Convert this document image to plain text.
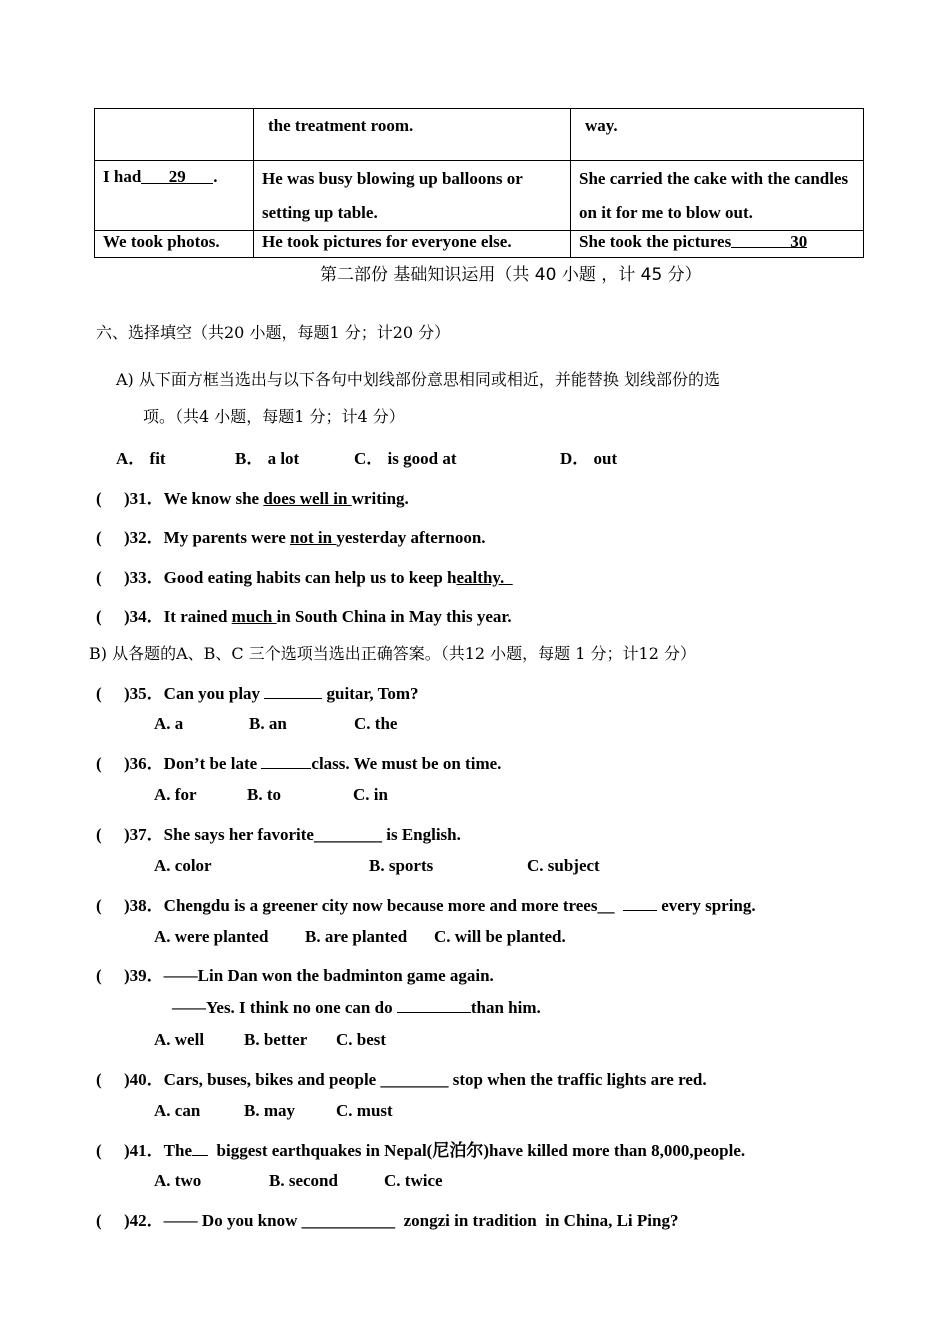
	the treatment room.	way.
I had 29 .	He was busy blowing up balloons or setting up table.	She carried the cake with the candles on it for me to blow out.
We took photos.	He took pictures for everyone else.	She took the pictures 30
第二部份 基础知识运用（共 40 小题 ，计 45 分）
六、选择填空（共20 小题，每题1 分；计20 分）
A) 从下面方框当选出与以下各句中划线部份意思相同或相近，并能替换 划线部份的选
项。（共4 小题，每题1 分；计4 分）
A． fit	B． a lot	C． is good at	D． out
( )31．We know she does well in writing.
( )32．My parents were not in yesterday afternoon.
( )33．Good eating habits can help us to keep healthy.
( )34．It rained much in South China in May this year.
B) 从各题的A、B、C 三个选项当选出正确答案。（共12 小题，每题 1 分；计12 分）
( )35．Can you play	guitar, Tom?
A. a	B. an	C. the
( )36．Don’t be late	class. We must be on time.
A. for	B. to	C. in
( )37．She says her favorite________ is English.
A. color	B. sports	C. subject
( )38．Chengdu is a greener city now because more and more trees__   every spring.
A. were planted B. are planted C. will be planted.
( )39．——Lin Dan won the badminton game again.
——Yes. I think no one can do	than him.
A. well B. better C. best
( )40．Cars, buses, bikes and people ________ stop when the traffic lights are red.
A. can	B. may C. must
( )41．The  biggest earthquakes in Nepal(尼泊尔)have killed more than 8,000,people.
A. two	B. second	C. twice
( )42．—— Do you know ___________  zongzi in tradition  in China, Li Ping?
